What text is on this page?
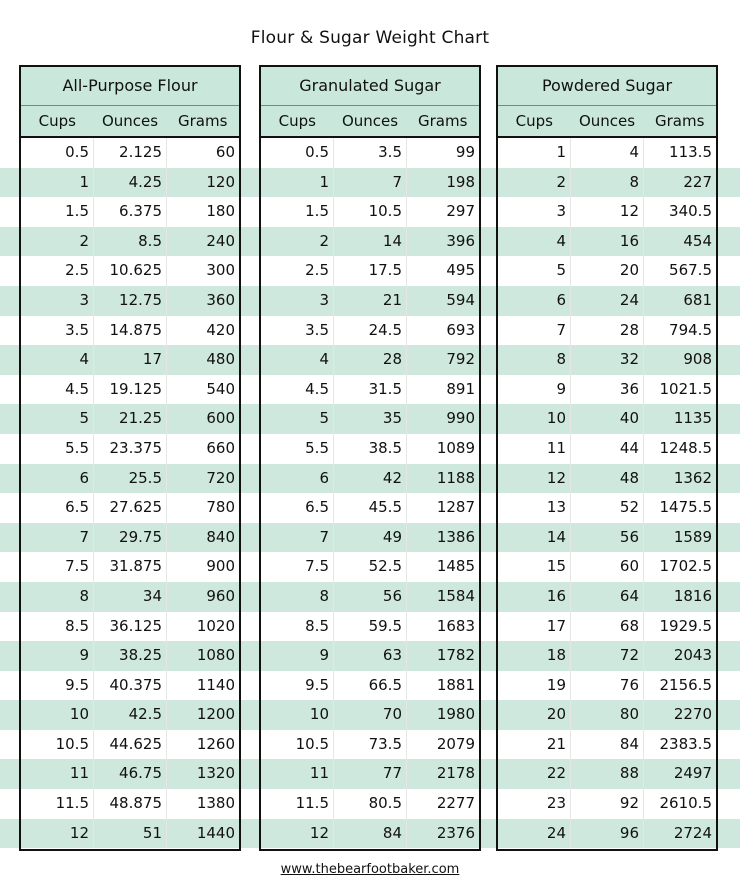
Flour & Sugar Weight Chart
All-Purpose Flour
Cups	Ounces	Grams
0.5	2.125	60
1	4.25	120
1.5	6.375	180
2	8.5	240
2.5	10.625	300
3	12.75	360
3.5	14.875	420
4	17	480
4.5	19.125	540
5	21.25	600
5.5	23.375	660
6	25.5	720
6.5	27.625	780
7	29.75	840
7.5	31.875	900
8	34	960
8.5	36.125	1020
9	38.25	1080
9.5	40.375	1140
10	42.5	1200
10.5	44.625	1260
11	46.75	1320
11.5	48.875	1380
12	51	1440
Granulated Sugar
Cups	Ounces	Grams
0.5	3.5	99
1	7	198
1.5	10.5	297
2	14	396
2.5	17.5	495
3	21	594
3.5	24.5	693
4	28	792
4.5	31.5	891
5	35	990
5.5	38.5	1089
6	42	1188
6.5	45.5	1287
7	49	1386
7.5	52.5	1485
8	56	1584
8.5	59.5	1683
9	63	1782
9.5	66.5	1881
10	70	1980
10.5	73.5	2079
11	77	2178
11.5	80.5	2277
12	84	2376
Powdered Sugar
Cups	Ounces	Grams
1	4	113.5
2	8	227
3	12	340.5
4	16	454
5	20	567.5
6	24	681
7	28	794.5
8	32	908
9	36	1021.5
10	40	1135
11	44	1248.5
12	48	1362
13	52	1475.5
14	56	1589
15	60	1702.5
16	64	1816
17	68	1929.5
18	72	2043
19	76	2156.5
20	80	2270
21	84	2383.5
22	88	2497
23	92	2610.5
24	96	2724
www.thebearfootbaker.com
